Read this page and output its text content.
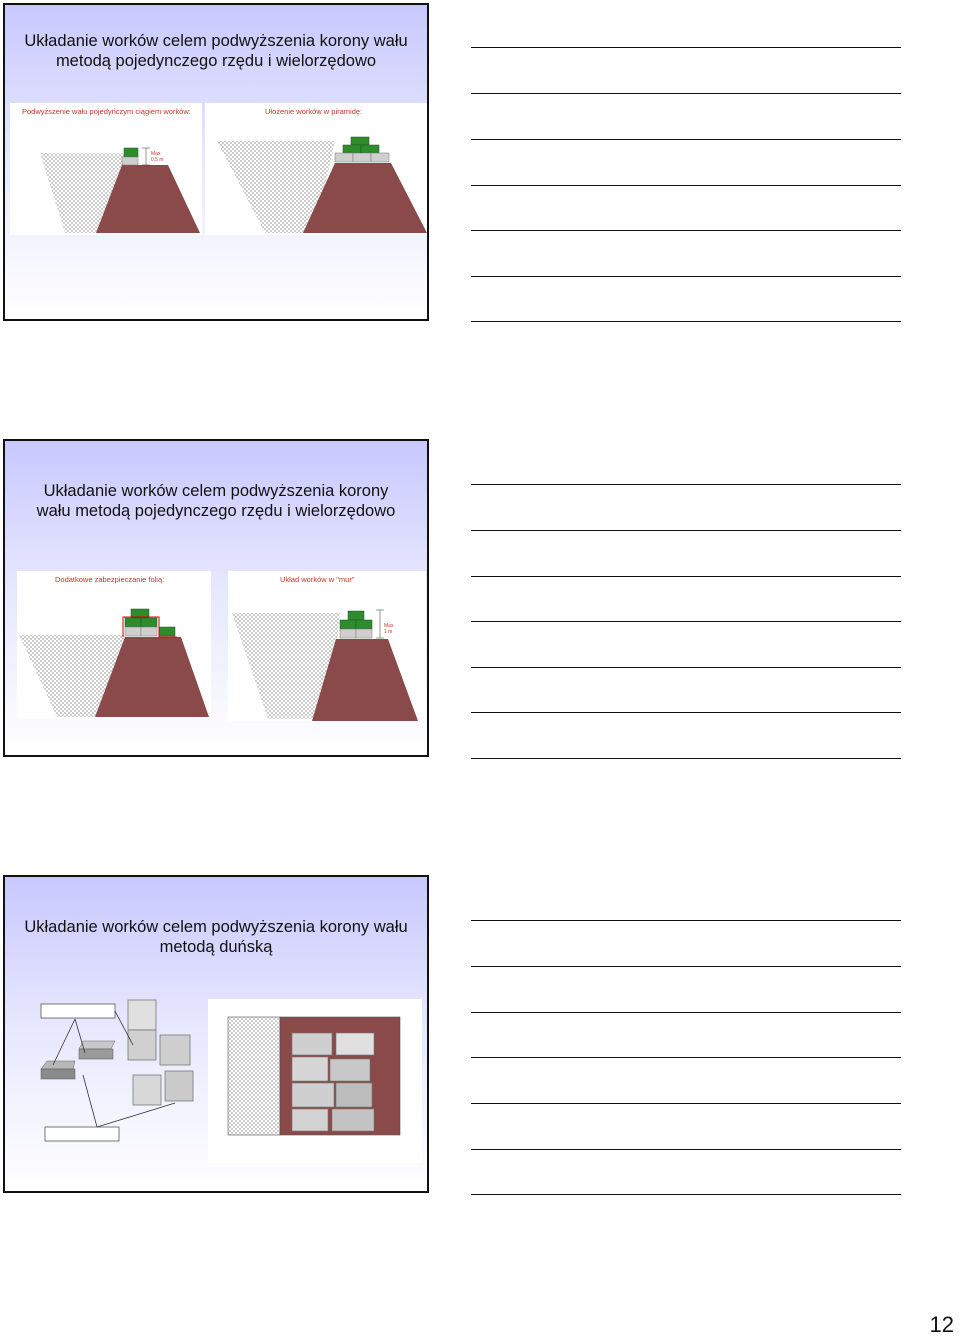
Układanie worków celem podwyższenia korony wału metodą pojedynczego rzędu i wielorzędowo
Podwyższenie wału pojedyńczym ciągiem worków:
Max
0,5 m
Ułożenie worków w piramidę:
Układanie worków celem podwyższenia korony wału metodą pojedynczego rzędu i wielorzędowo
Dodatkowe zabezpieczanie folią:	Układ worków w "mur"
Max
1 m
Układanie worków celem podwyższenia korony wału metodą duńską
12
